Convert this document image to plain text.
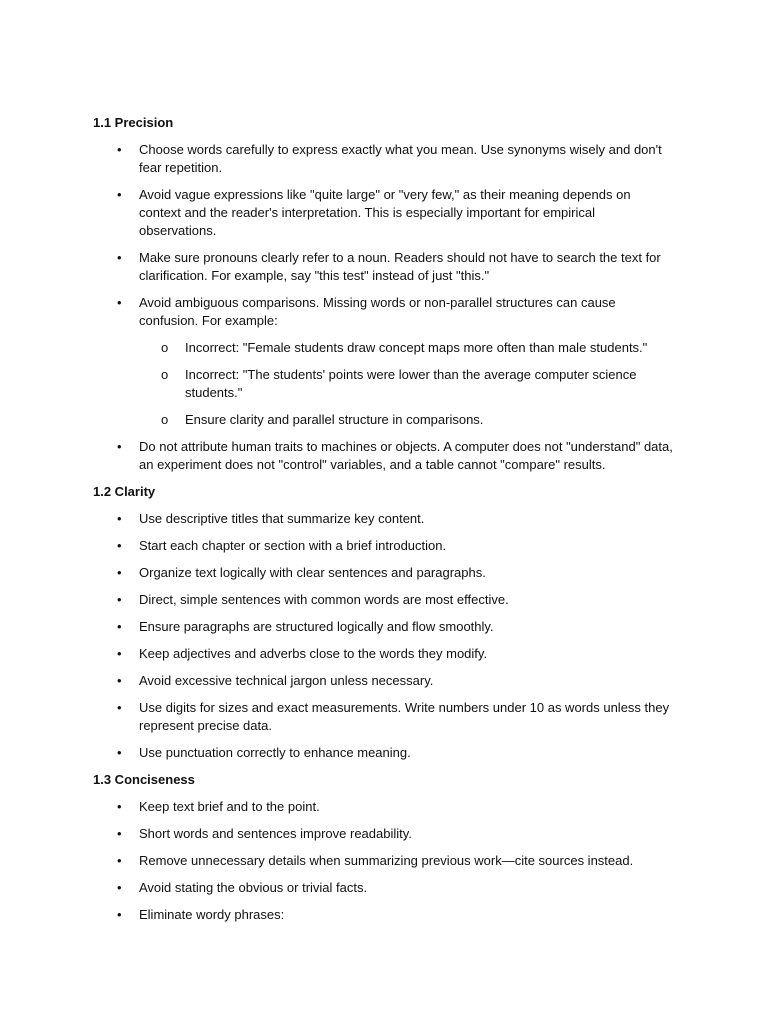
1.1 Precision
• Choose words carefully to express exactly what you mean. Use synonyms wisely and don't fear repetition.
• Avoid vague expressions like "quite large" or "very few," as their meaning depends on context and the reader's interpretation. This is especially important for empirical observations.
• Make sure pronouns clearly refer to a noun. Readers should not have to search the text for clarification. For example, say "this test" instead of just "this."
• Avoid ambiguous comparisons. Missing words or non-parallel structures can cause confusion. For example:
o Incorrect: "Female students draw concept maps more often than male students."
o Incorrect: "The students' points were lower than the average computer science students."
o Ensure clarity and parallel structure in comparisons.
• Do not attribute human traits to machines or objects. A computer does not "understand" data, an experiment does not "control" variables, and a table cannot "compare" results.
1.2 Clarity
• Use descriptive titles that summarize key content.
• Start each chapter or section with a brief introduction.
• Organize text logically with clear sentences and paragraphs.
• Direct, simple sentences with common words are most effective.
• Ensure paragraphs are structured logically and flow smoothly.
• Keep adjectives and adverbs close to the words they modify.
• Avoid excessive technical jargon unless necessary.
• Use digits for sizes and exact measurements. Write numbers under 10 as words unless they represent precise data.
• Use punctuation correctly to enhance meaning.
1.3 Conciseness
• Keep text brief and to the point.
• Short words and sentences improve readability.
• Remove unnecessary details when summarizing previous work—cite sources instead.
• Avoid stating the obvious or trivial facts.
• Eliminate wordy phrases:
